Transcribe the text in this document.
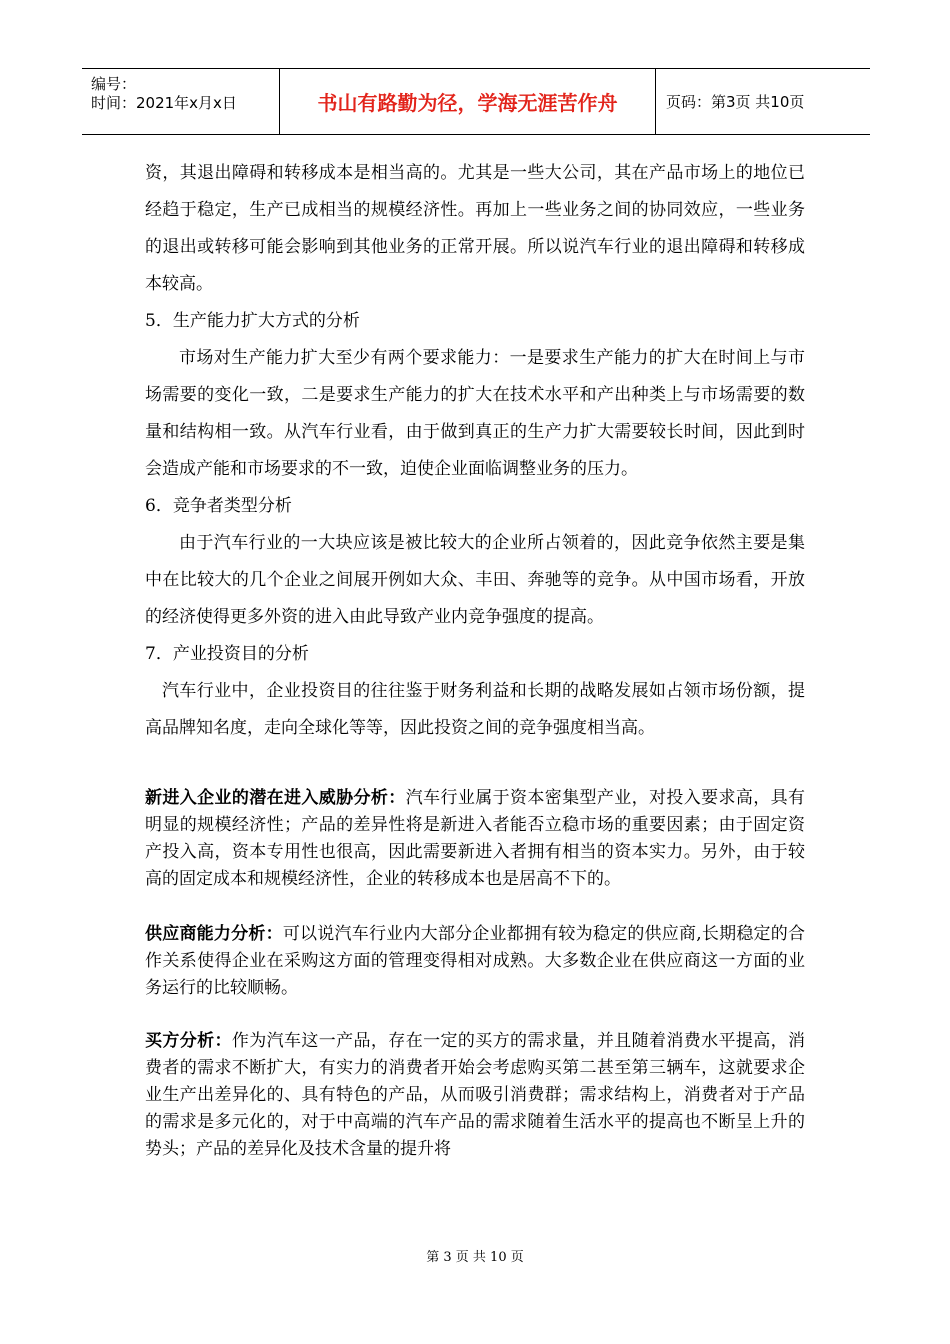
编号：
时间：2021年x月x日	书山有路勤为径，学海无涯苦作舟	页码：第3页 共10页

资，其退出障碍和转移成本是相当高的。尤其是一些大公司，其在产品市场上的地位已经趋于稳定，生产已成相当的规模经济性。再加上一些业务之间的协同效应，一些业务的退出或转移可能会影响到其他业务的正常开展。所以说汽车行业的退出障碍和转移成本较高。

5．生产能力扩大方式的分析

市场对生产能力扩大至少有两个要求能力：一是要求生产能力的扩大在时间上与市场需要的变化一致，二是要求生产能力的扩大在技术水平和产出种类上与市场需要的数量和结构相一致。从汽车行业看，由于做到真正的生产力扩大需要较长时间，因此到时会造成产能和市场要求的不一致，迫使企业面临调整业务的压力。

6．竞争者类型分析

由于汽车行业的一大块应该是被比较大的企业所占领着的，因此竞争依然主要是集中在比较大的几个企业之间展开例如大众、丰田、奔驰等的竞争。从中国市场看，开放的经济使得更多外资的进入由此导致产业内竞争强度的提高。

7．产业投资目的分析

汽车行业中，企业投资目的往往鉴于财务利益和长期的战略发展如占领市场份额，提高品牌知名度，走向全球化等等，因此投资之间的竞争强度相当高。

新进入企业的潜在进入威胁分析：汽车行业属于资本密集型产业，对投入要求高，具有明显的规模经济性；产品的差异性将是新进入者能否立稳市场的重要因素；由于固定资产投入高，资本专用性也很高，因此需要新进入者拥有相当的资本实力。另外，由于较高的固定成本和规模经济性，企业的转移成本也是居高不下的。

供应商能力分析：可以说汽车行业内大部分企业都拥有较为稳定的供应商,长期稳定的合作关系使得企业在采购这方面的管理变得相对成熟。大多数企业在供应商这一方面的业务运行的比较顺畅。

买方分析：作为汽车这一产品，存在一定的买方的需求量，并且随着消费水平提高，消费者的需求不断扩大，有实力的消费者开始会考虑购买第二甚至第三辆车，这就要求企业生产出差异化的、具有特色的产品，从而吸引消费群；需求结构上，消费者对于产品的需求是多元化的，对于中高端的汽车产品的需求随着生活水平的提高也不断呈上升的势头；产品的差异化及技术含量的提升将

第 3 页 共 10 页
